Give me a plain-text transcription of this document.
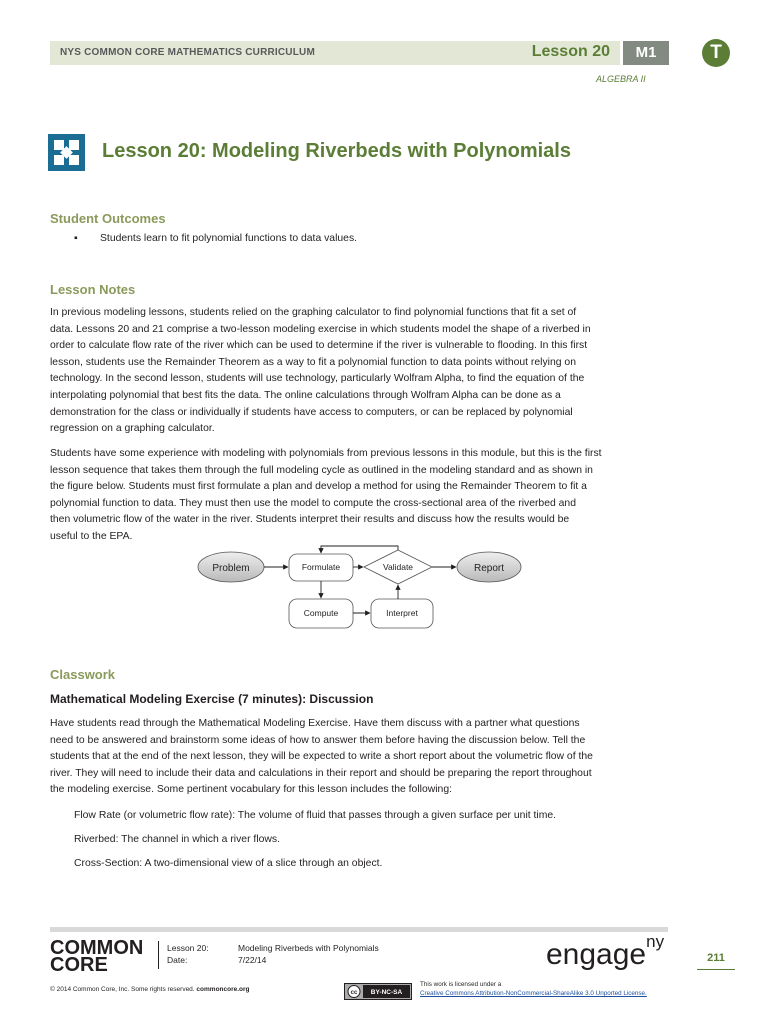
NYS COMMON CORE MATHEMATICS CURRICULUM	Lesson 20	M1	T
ALGEBRA II
Lesson 20: Modeling Riverbeds with Polynomials
Student Outcomes
▪ Students learn to fit polynomial functions to data values.
Lesson Notes
In previous modeling lessons, students relied on the graphing calculator to find polynomial functions that fit a set of
data. Lessons 20 and 21 comprise a two-lesson modeling exercise in which students model the shape of a riverbed in
order to calculate flow rate of the river which can be used to determine if the river is vulnerable to flooding. In this first
lesson, students use the Remainder Theorem as a way to fit a polynomial function to data points without relying on
technology. In the second lesson, students will use technology, particularly Wolfram Alpha, to find the equation of the
interpolating polynomial that best fits the data. The online calculations through Wolfram Alpha can be done as a
demonstration for the class or individually if students have access to computers, or can be replaced by polynomial
regression on a graphing calculator.
Students have some experience with modeling with polynomials from previous lessons in this module, but this is the first
lesson sequence that takes them through the full modeling cycle as outlined in the modeling standard and as shown in
the figure below. Students must first formulate a plan and develop a method for using the Remainder Theorem to fit a
polynomial function to data. They must then use the model to compute the cross-sectional area of the riverbed and
then volumetric flow of the water in the river. Students interpret their results and discuss how the results would be
useful to the EPA.
Problem	Formulate	Validate	Report
Compute	Interpret
Classwork
Mathematical Modeling Exercise (7 minutes): Discussion
Have students read through the Mathematical Modeling Exercise. Have them discuss with a partner what questions
need to be answered and brainstorm some ideas of how to answer them before having the discussion below. Tell the
students that at the end of the next lesson, they will be expected to write a short report about the volumetric flow of the
river. They will need to include their data and calculations in their report and should be preparing the report throughout
the modeling exercise. Some pertinent vocabulary for this lesson includes the following:
Flow Rate (or volumetric flow rate): The volume of fluid that passes through a given surface per unit time.
Riverbed: The channel in which a river flows.
Cross-Section: A two-dimensional view of a slice through an object.
COMMON
CORE
Lesson 20:	Modeling Riverbeds with Polynomials
Date:	7/22/14	engage$^{ny}$
211
© 2014 Common Core, Inc. Some rights reserved. commoncore.org	cc BY-NC-SA
This work is licensed under a
Creative Commons Attribution-NonCommercial-ShareAlike 3.0 Unported License.
